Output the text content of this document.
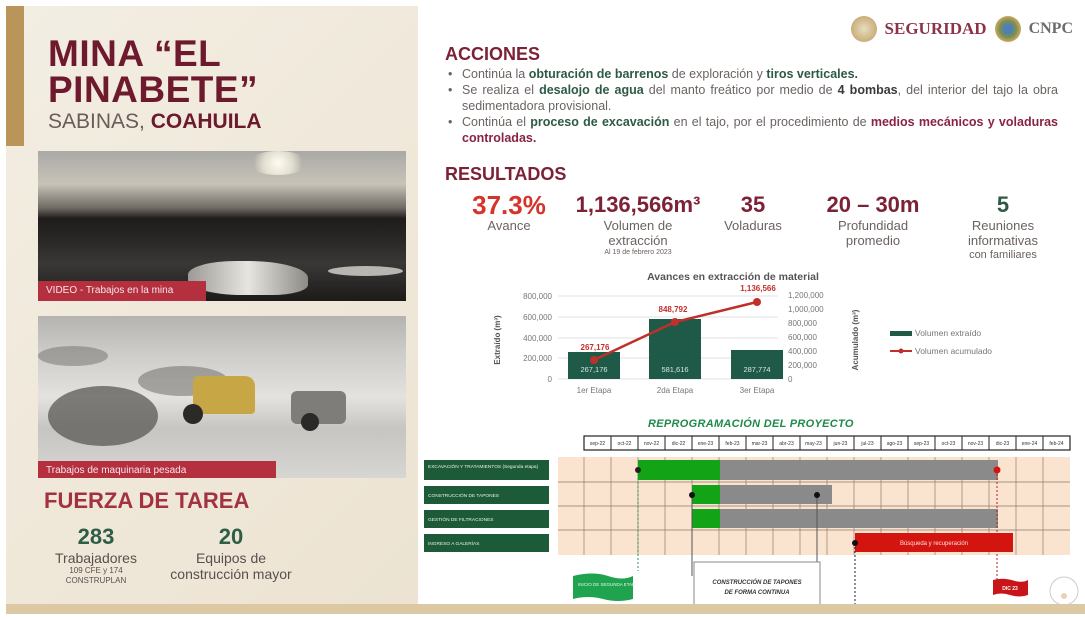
MINA “EL
PINABETE”
SABINAS, COAHUILA
VIDEO - Trabajos en la mina
Trabajos de maquinaria pesada
FUERZA DE TAREA
283
Trabajadores
109 CFE y 174
CONSTRUPLAN
20
Equipos de
construcción mayor
SEGURIDAD	CNPC
ACCIONES
• Continúa la obturación de barrenos de exploración y tiros verticales.
• Se realiza el desalojo de agua del manto freático por medio de 4 bombas, del interior del tajo la obra sedimentadora provisional.
• Continúa el proceso de excavación en el tajo, por el procedimiento de medios mecánicos y voladuras controladas.
RESULTADOS
37.3%
Avance
1,136,566m³
Volumen de
extracción
Al 19 de febrero 2023
35
Voladuras
20 – 30m
Profundidad
promedio
5
Reuniones
informativas
con familiares
Avances en extracción de material
0
200,000
400,000
600,000
800,000
Extraído (m³)
267,176	581,616	287,774
267,176
848,792
1,136,566
1er Etapa	2da Etapa	3er Etapa
0
200,000
400,000
600,000
800,000
1,000,000
1,200,000
Acumulado (m³)	Volumen extraído
Volumen acumulado
REPROGRAMACIÓN DEL PROYECTO
sep-22 oct-22 nov-22	dic-22 ene-23 feb-23 mar-23 abr-23 may-23 jun-23	jul-23	ago-23 sep-23 oct-23 nov-23	dic-23 ene-24 feb-24
EXCAVACIÓN Y TRATAMIENTOS (Segunda etapa)
CONSTRUCCIÓN DE TAPONES
GESTIÓN DE FILTRACIONES
INGRESO A GALERÍAS	Búsqueda y recuperación
INICIO DE SEGUNDA ETAPA	CONSTRUCCIÓN DE TAPONES
DE FORMA CONTINUA
DIC 23
